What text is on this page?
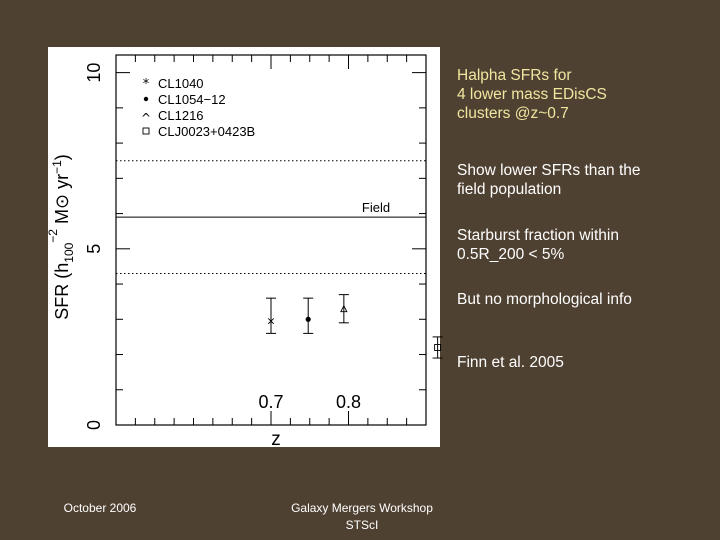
0
5
10
0.7	0.8
Field
×
* CL1040
CL1054−12
^ CL1216
CLJ0023+0423B
z
SFR ($h_{100}^{-2}$ M⊙ $yr^{-1}$)
Halpha SFRs for
4 lower mass EDisCS
clusters @z~0.7
Show lower SFRs than the
field population
Starburst fraction within
0.5R_200 < 5%
But no morphological info
Finn et al. 2005
October 2006	Galaxy Mergers Workshop
STScI
